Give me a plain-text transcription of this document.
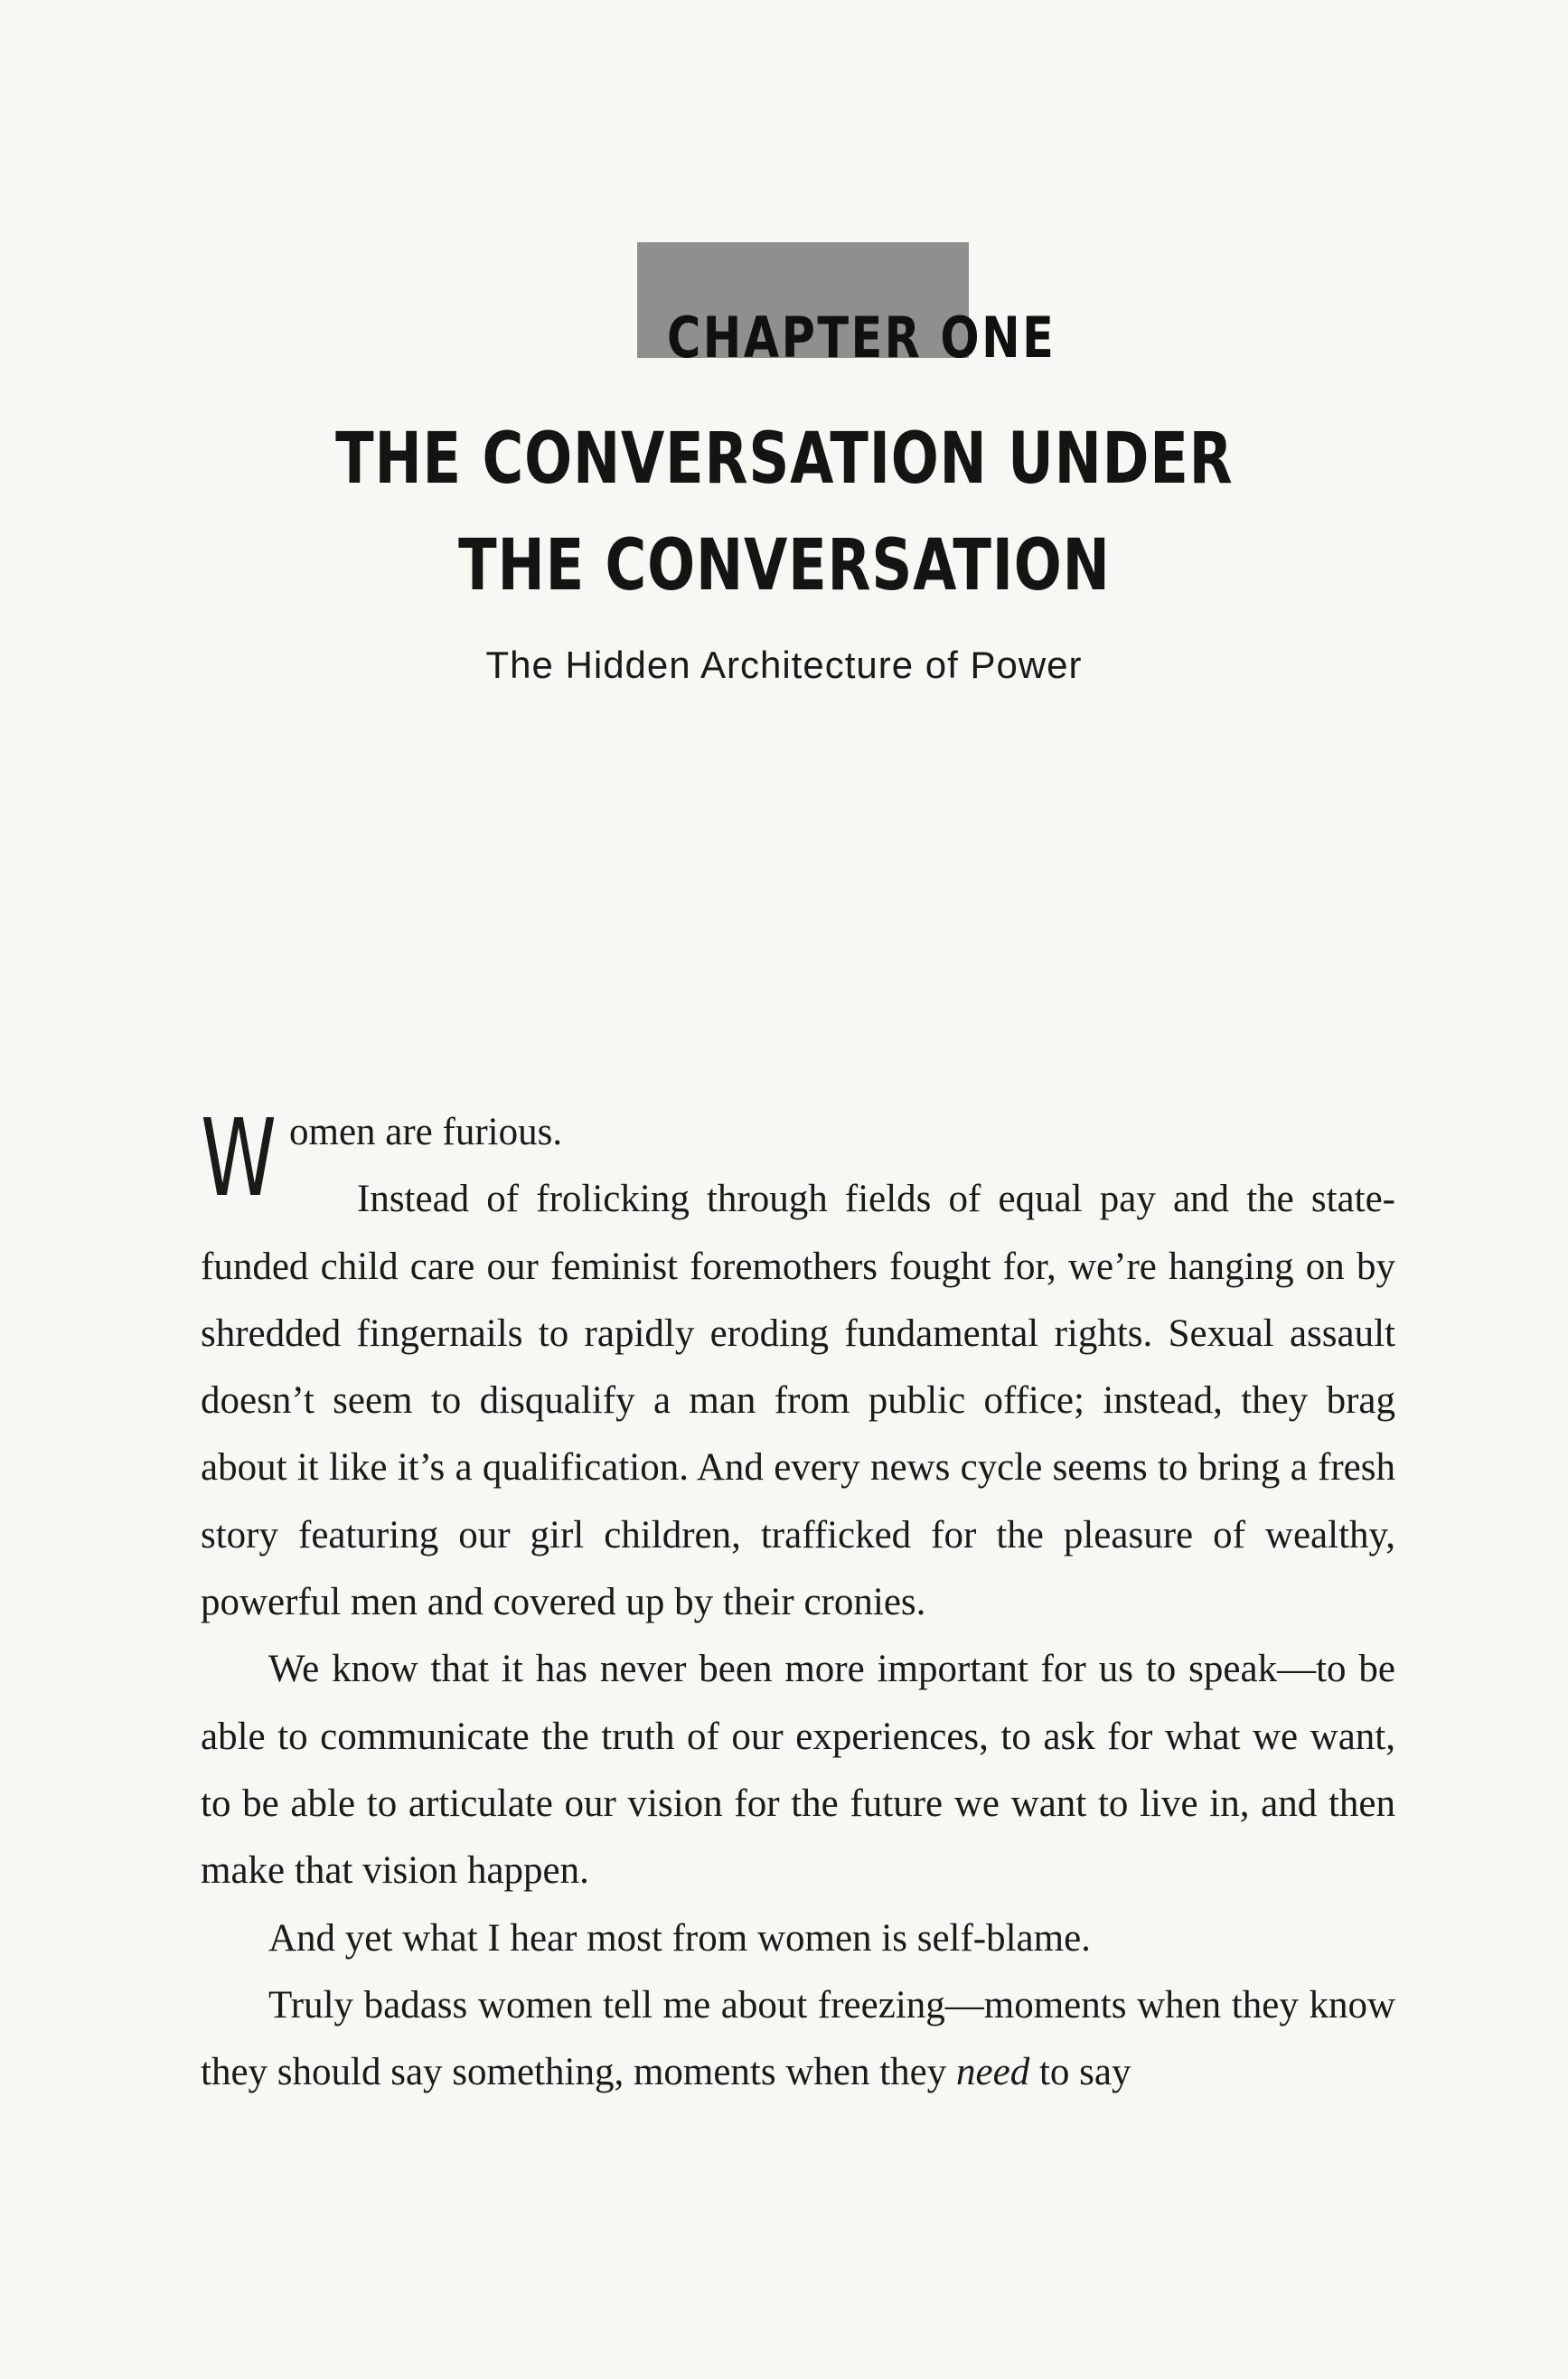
CHAPTER ONE
THE CONVERSATION UNDER
THE CONVERSATION
The Hidden Architecture of Power

Women are furious.

Instead of frolicking through fields of equal pay and the state-funded child care our feminist foremothers fought for, we’re hanging on by shredded fingernails to rapidly eroding fundamental rights. Sexual assault doesn’t seem to disqualify a man from public office; instead, they brag about it like it’s a qualification. And every news cycle seems to bring a fresh story featuring our girl children, trafficked for the pleasure of wealthy, powerful men and covered up by their cronies.

We know that it has never been more important for us to speak—to be able to communicate the truth of our experiences, to ask for what we want, to be able to articulate our vision for the future we want to live in, and then make that vision happen.

And yet what I hear most from women is self-blame.

Truly badass women tell me about freezing—moments when they know they should say something, moments when they need to say
